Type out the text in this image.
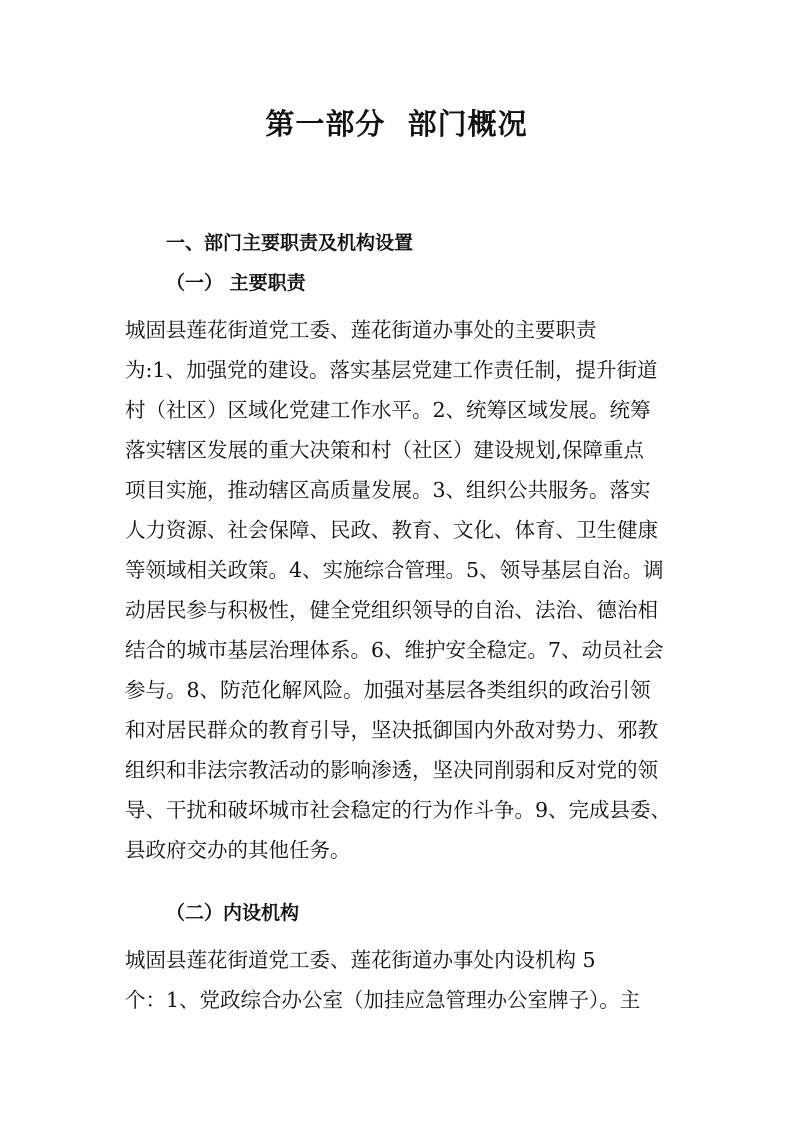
第一部分  部门概况
一、部门主要职责及机构设置
（一） 主要职责
城固县莲花街道党工委、莲花街道办事处的主要职责
为:1、加强党的建设。落实基层党建工作责任制，提升街道
村（社区）区域化党建工作水平。2、统筹区域发展。统筹
落实辖区发展的重大决策和村（社区）建设规划,保障重点
项目实施，推动辖区高质量发展。3、组织公共服务。落实
人力资源、社会保障、民政、教育、文化、体育、卫生健康
等领域相关政策。4、实施综合管理。5、领导基层自治。调
动居民参与积极性，健全党组织领导的自治、法治、德治相
结合的城市基层治理体系。6、维护安全稳定。7、动员社会
参与。8、防范化解风险。加强对基层各类组织的政治引领
和对居民群众的教育引导，坚决抵御国内外敌对势力、邪教
组织和非法宗教活动的影响渗透，坚决同削弱和反对党的领
导、干扰和破坏城市社会稳定的行为作斗争。9、完成县委、
县政府交办的其他任务。
（二）内设机构
城固县莲花街道党工委、莲花街道办事处内设机构 5
个：1、党政综合办公室（加挂应急管理办公室牌子）。主
